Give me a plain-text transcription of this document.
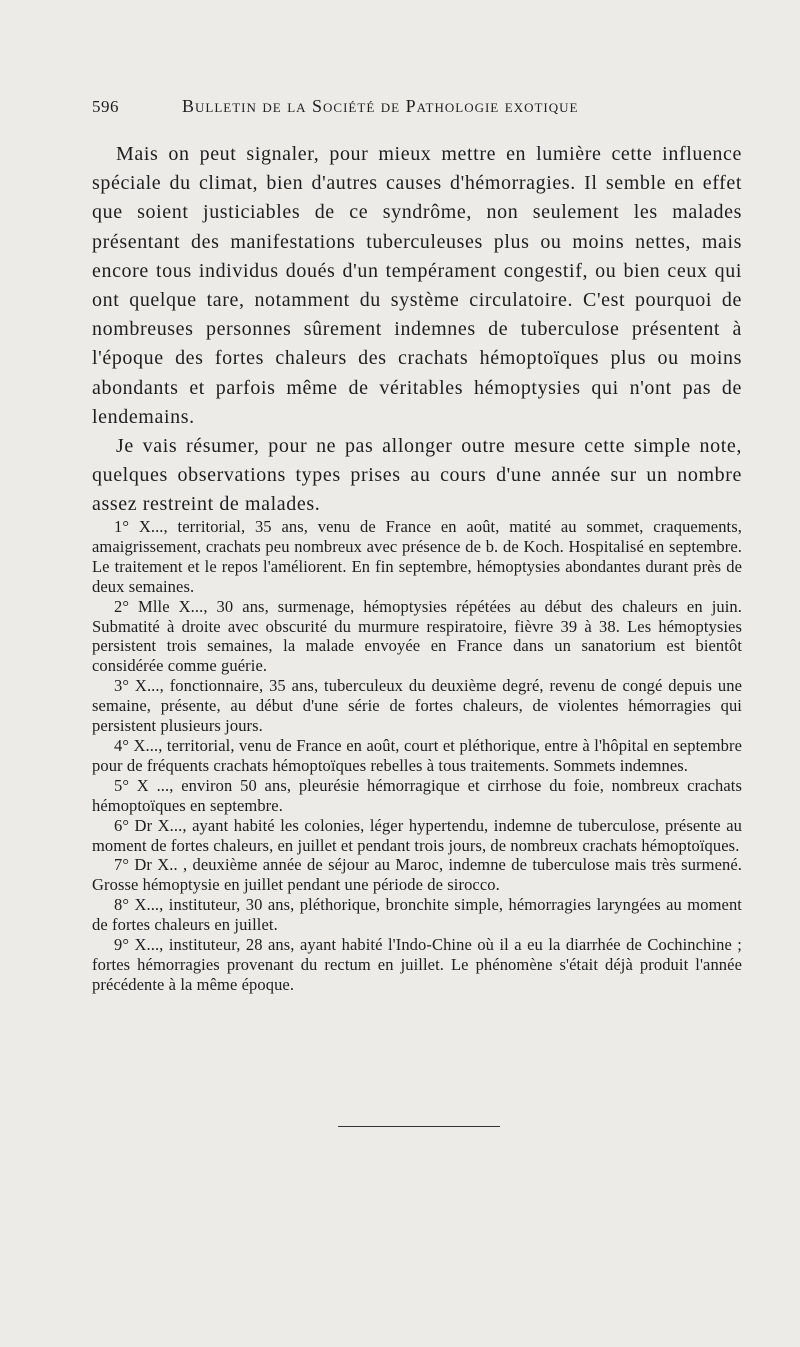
596	Bulletin de la Société de Pathologie exotique

Mais on peut signaler, pour mieux mettre en lumière cette influence spéciale du climat, bien d'autres causes d'hémorragies. Il semble en effet que soient justiciables de ce syndrôme, non seulement les malades présentant des manifestations tuberculeuses plus ou moins nettes, mais encore tous individus doués d'un tempérament congestif, ou bien ceux qui ont quelque tare, notamment du système circulatoire. C'est pourquoi de nombreuses personnes sûrement indemnes de tuberculose présentent à l'époque des fortes chaleurs des crachats hémoptoïques plus ou moins abondants et parfois même de véritables hémoptysies qui n'ont pas de lendemains.

Je vais résumer, pour ne pas allonger outre mesure cette simple note, quelques observations types prises au cours d'une année sur un nombre assez restreint de malades.

1° X..., territorial, 35 ans, venu de France en août, matité au sommet, craquements, amaigrissement, crachats peu nombreux avec présence de b. de Koch. Hospitalisé en septembre. Le traitement et le repos l'améliorent. En fin septembre, hémoptysies abondantes durant près de deux semaines.

2° Mlle X..., 30 ans, surmenage, hémoptysies répétées au début des chaleurs en juin. Submatité à droite avec obscurité du murmure respiratoire, fièvre 39 à 38. Les hémoptysies persistent trois semaines, la malade envoyée en France dans un sanatorium est bientôt considérée comme guérie.

3° X..., fonctionnaire, 35 ans, tuberculeux du deuxième degré, revenu de congé depuis une semaine, présente, au début d'une série de fortes chaleurs, de violentes hémorragies qui persistent plusieurs jours.

4° X..., territorial, venu de France en août, court et pléthorique, entre à l'hôpital en septembre pour de fréquents crachats hémoptoïques rebelles à tous traitements. Sommets indemnes.

5° X ..., environ 50 ans, pleurésie hémorragique et cirrhose du foie, nombreux crachats hémoptoïques en septembre.

6° Dr X..., ayant habité les colonies, léger hypertendu, indemne de tuberculose, présente au moment de fortes chaleurs, en juillet et pendant trois jours, de nombreux crachats hémoptoïques.

7° Dr X.. , deuxième année de séjour au Maroc, indemne de tuberculose mais très surmené. Grosse hémoptysie en juillet pendant une période de sirocco.

8° X..., instituteur, 30 ans, pléthorique, bronchite simple, hémorragies laryngées au moment de fortes chaleurs en juillet.

9° X..., instituteur, 28 ans, ayant habité l'Indo-Chine où il a eu la diarrhée de Cochinchine ; fortes hémorragies provenant du rectum en juillet. Le phénomène s'était déjà produit l'année précédente à la même époque.
